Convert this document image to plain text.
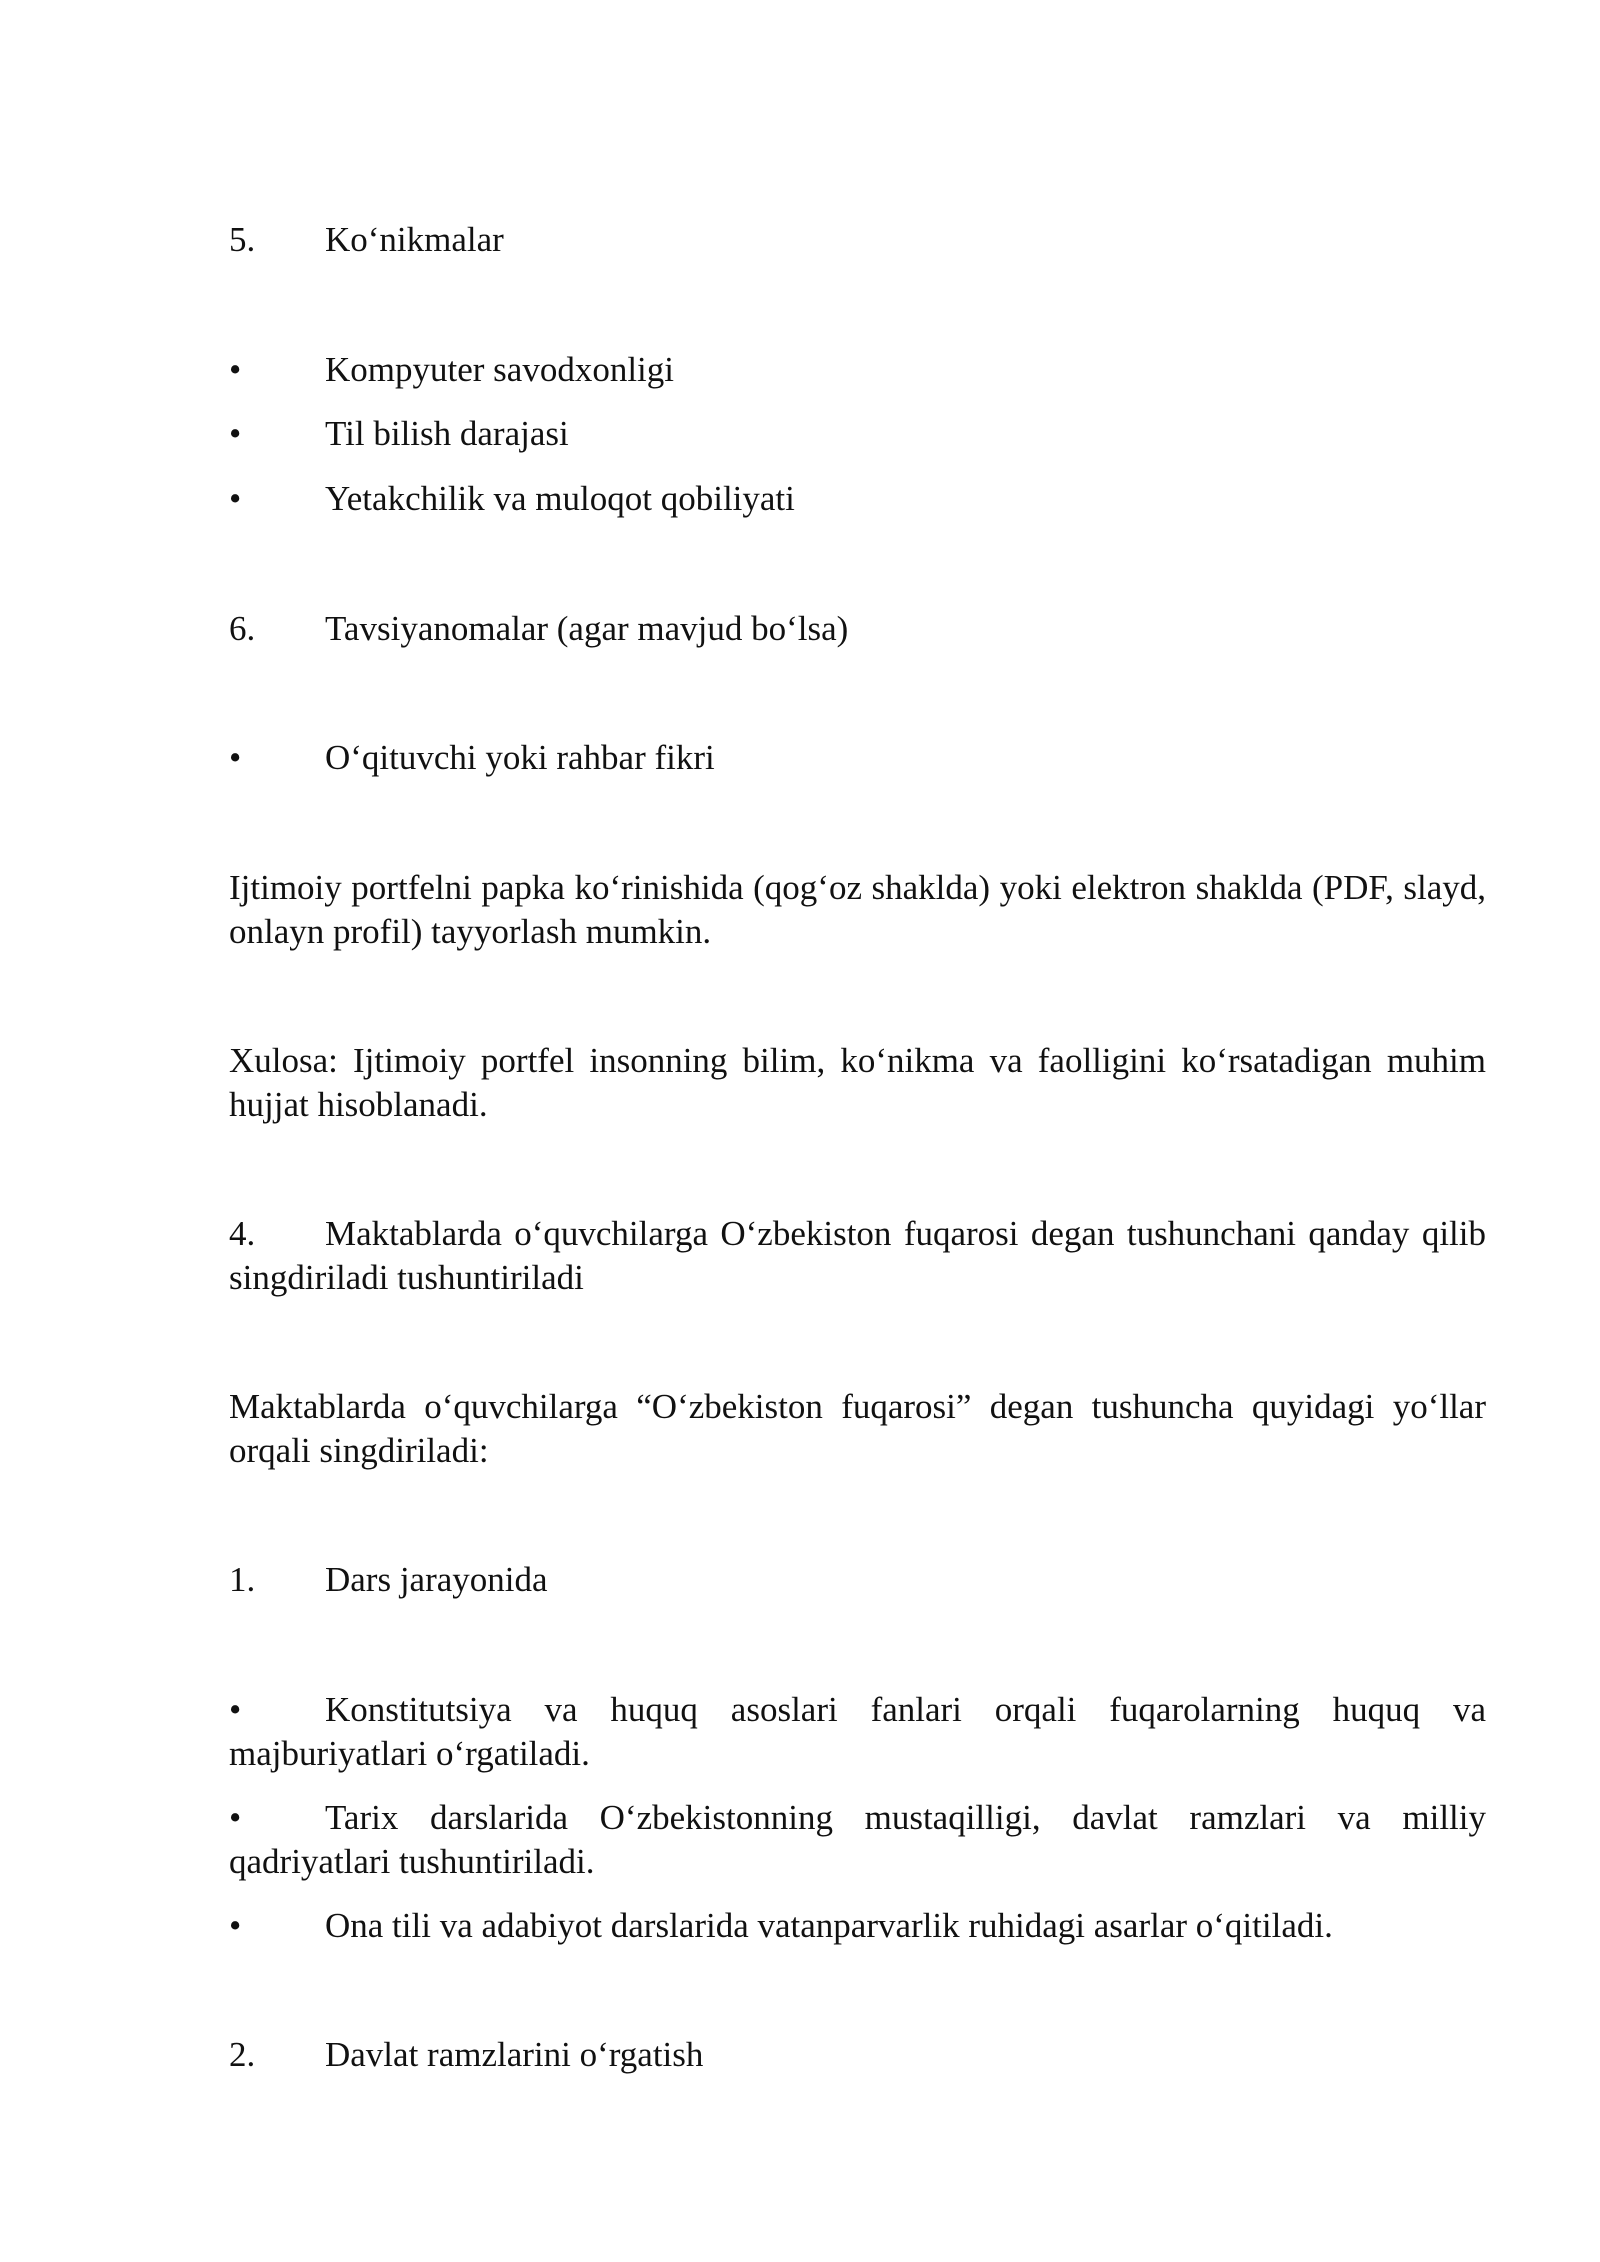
5. Ko‘nikmalar
• Kompyuter savodxonligi
• Til bilish darajasi
• Yetakchilik va muloqot qobiliyati
6. Tavsiyanomalar (agar mavjud bo‘lsa)
• O‘qituvchi yoki rahbar fikri
Ijtimoiy portfelni papka ko‘rinishida (qog‘oz shaklda) yoki elektron shaklda (PDF, slayd, onlayn profil) tayyorlash mumkin.
Xulosa: Ijtimoiy portfel insonning bilim, ko‘nikma va faolligini ko‘rsatadigan muhim hujjat hisoblanadi.
4. Maktablarda o‘quvchilarga O‘zbekiston fuqarosi degan tushunchani qanday qilib singdiriladi tushuntiriladi
Maktablarda o‘quvchilarga “O‘zbekiston fuqarosi” degan tushuncha quyidagi yo‘llar orqali singdiriladi:
1. Dars jarayonida
• Konstitutsiya va huquq asoslari fanlari orqali fuqarolarning huquq va majburiyatlari o‘rgatiladi.
• Tarix darslarida O‘zbekistonning mustaqilligi, davlat ramzlari va milliy qadriyatlari tushuntiriladi.
• Ona tili va adabiyot darslarida vatanparvarlik ruhidagi asarlar o‘qitiladi.
2. Davlat ramzlarini o‘rgatish
